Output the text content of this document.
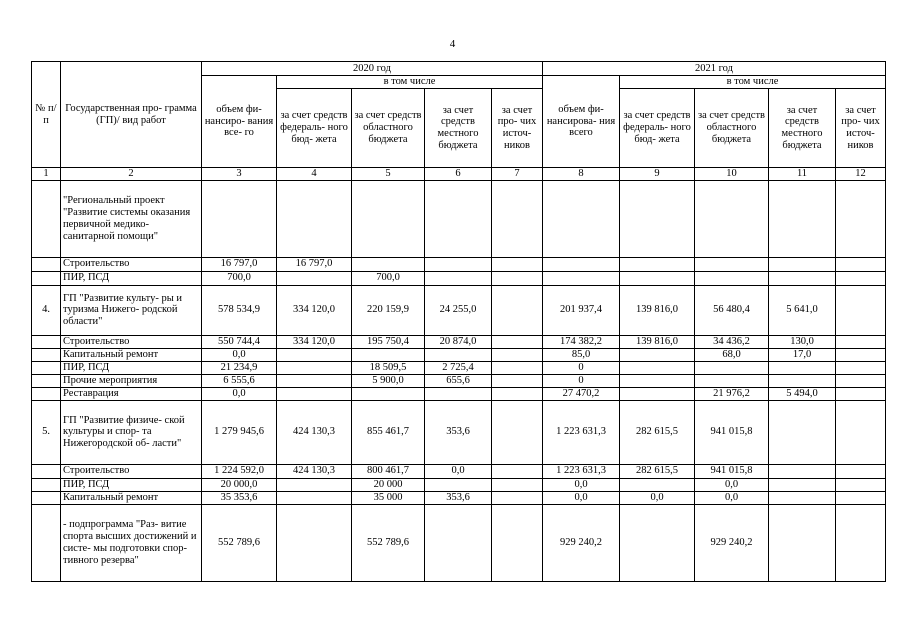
4
№ п/п	Государственная про- грамма (ГП)/ вид работ	2020 год					2021 год				
		объем фи- нансиро- вания все- го	в том числе				объем фи- нансирова- ния всего	в том числе			
			за счет средств федераль- ного бюд- жета	за счет средств областного бюджета	за счет средств местного бюджета	за счет про- чих источ- ников		за счет средств федераль- ного бюд- жета	за счет средств областного бюджета	за счет средств местного бюджета	за счет про- чих источ- ников
1	2	3	4	5	6	7	8	9	10	11	12
	"Региональный проект "Развитие системы оказания первичной медико-санитарной помощи"										
	Строительство	16 797,0	16 797,0								
	ПИР, ПСД	700,0		700,0							
4.	ГП "Развитие культу- ры и туризма Нижего- родской области"	578 534,9	334 120,0	220 159,9	24 255,0		201 937,4	139 816,0	56 480,4	5 641,0	
	Строительство	550 744,4	334 120,0	195 750,4	20 874,0		174 382,2	139 816,0	34 436,2	130,0	
	Капитальный ремонт	0,0					85,0		68,0	17,0	
	ПИР, ПСД	21 234,9		18 509,5	2 725,4		0				
	Прочие мероприятия	6 555,6		5 900,0	655,6		0				
	Реставрация	0,0					27 470,2		21 976,2	5 494,0	
5.	ГП "Развитие физиче- ской культуры и спор- та Нижегородской об- ласти"	1 279 945,6	424 130,3	855 461,7	353,6		1 223 631,3	282 615,5	941 015,8		
	Строительство	1 224 592,0	424 130,3	800 461,7	0,0		1 223 631,3	282 615,5	941 015,8		
	ПИР, ПСД	20 000,0		20 000			0,0		0,0		
	Капитальный ремонт	35 353,6		35 000	353,6		0,0	0,0	0,0		
	- подпрограмма "Раз- витие спорта высших достижений и систе- мы подготовки спор- тивного резерва"	552 789,6		552 789,6			929 240,2		929 240,2		
